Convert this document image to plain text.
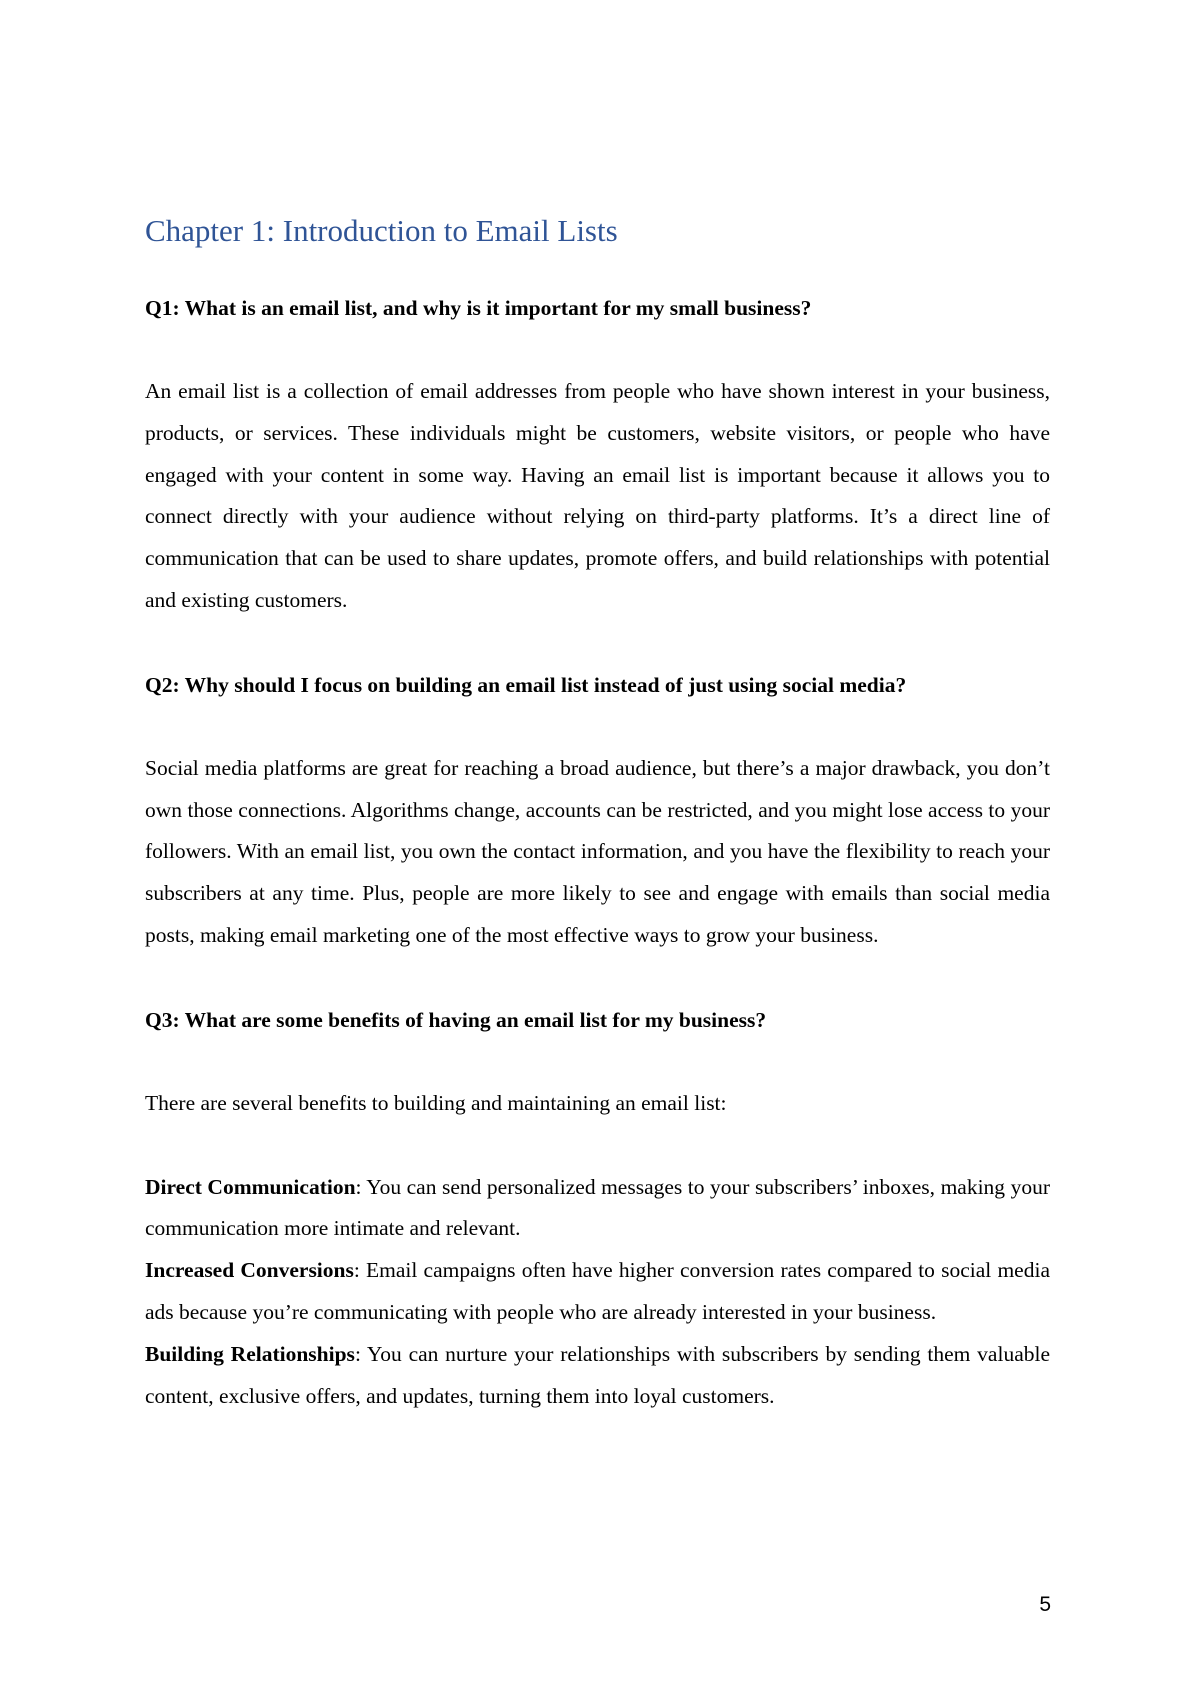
Chapter 1: Introduction to Email Lists

Q1: What is an email list, and why is it important for my small business?

An email list is a collection of email addresses from people who have shown interest in your business, products, or services. These individuals might be customers, website visitors, or people who have engaged with your content in some way. Having an email list is important because it allows you to connect directly with your audience without relying on third-party platforms. It’s a direct line of communication that can be used to share updates, promote offers, and build relationships with potential and existing customers.

Q2: Why should I focus on building an email list instead of just using social media?

Social media platforms are great for reaching a broad audience, but there’s a major drawback, you don’t own those connections. Algorithms change, accounts can be restricted, and you might lose access to your followers. With an email list, you own the contact information, and you have the flexibility to reach your subscribers at any time. Plus, people are more likely to see and engage with emails than social media posts, making email marketing one of the most effective ways to grow your business.

Q3: What are some benefits of having an email list for my business?

There are several benefits to building and maintaining an email list:

Direct Communication: You can send personalized messages to your subscribers’ inboxes, making your communication more intimate and relevant.

Increased Conversions: Email campaigns often have higher conversion rates compared to social media ads because you’re communicating with people who are already interested in your business.

Building Relationships: You can nurture your relationships with subscribers by sending them valuable content, exclusive offers, and updates, turning them into loyal customers.

5
